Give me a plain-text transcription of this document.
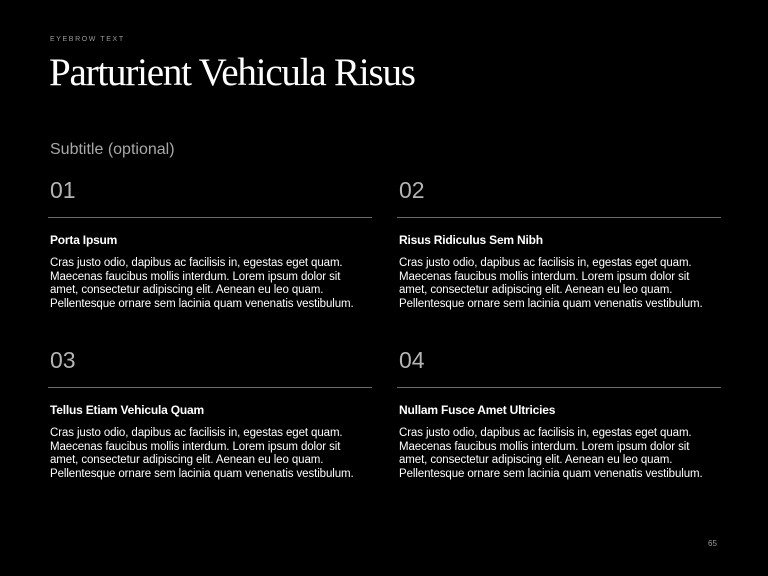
EYEBROW TEXT
Parturient Vehicula Risus
Subtitle (optional)
01
Porta Ipsum
Cras justo odio, dapibus ac facilisis in, egestas eget quam. Maecenas faucibus mollis interdum. Lorem ipsum dolor sit amet, consectetur adipiscing elit. Aenean eu leo quam. Pellentesque ornare sem lacinia quam venenatis vestibulum.
02
Risus Ridiculus Sem Nibh
Cras justo odio, dapibus ac facilisis in, egestas eget quam. Maecenas faucibus mollis interdum. Lorem ipsum dolor sit amet, consectetur adipiscing elit. Aenean eu leo quam. Pellentesque ornare sem lacinia quam venenatis vestibulum.
03
Tellus Etiam Vehicula Quam
Cras justo odio, dapibus ac facilisis in, egestas eget quam. Maecenas faucibus mollis interdum. Lorem ipsum dolor sit amet, consectetur adipiscing elit. Aenean eu leo quam. Pellentesque ornare sem lacinia quam venenatis vestibulum.
04
Nullam Fusce Amet Ultricies
Cras justo odio, dapibus ac facilisis in, egestas eget quam. Maecenas faucibus mollis interdum. Lorem ipsum dolor sit amet, consectetur adipiscing elit. Aenean eu leo quam. Pellentesque ornare sem lacinia quam venenatis vestibulum.
65
